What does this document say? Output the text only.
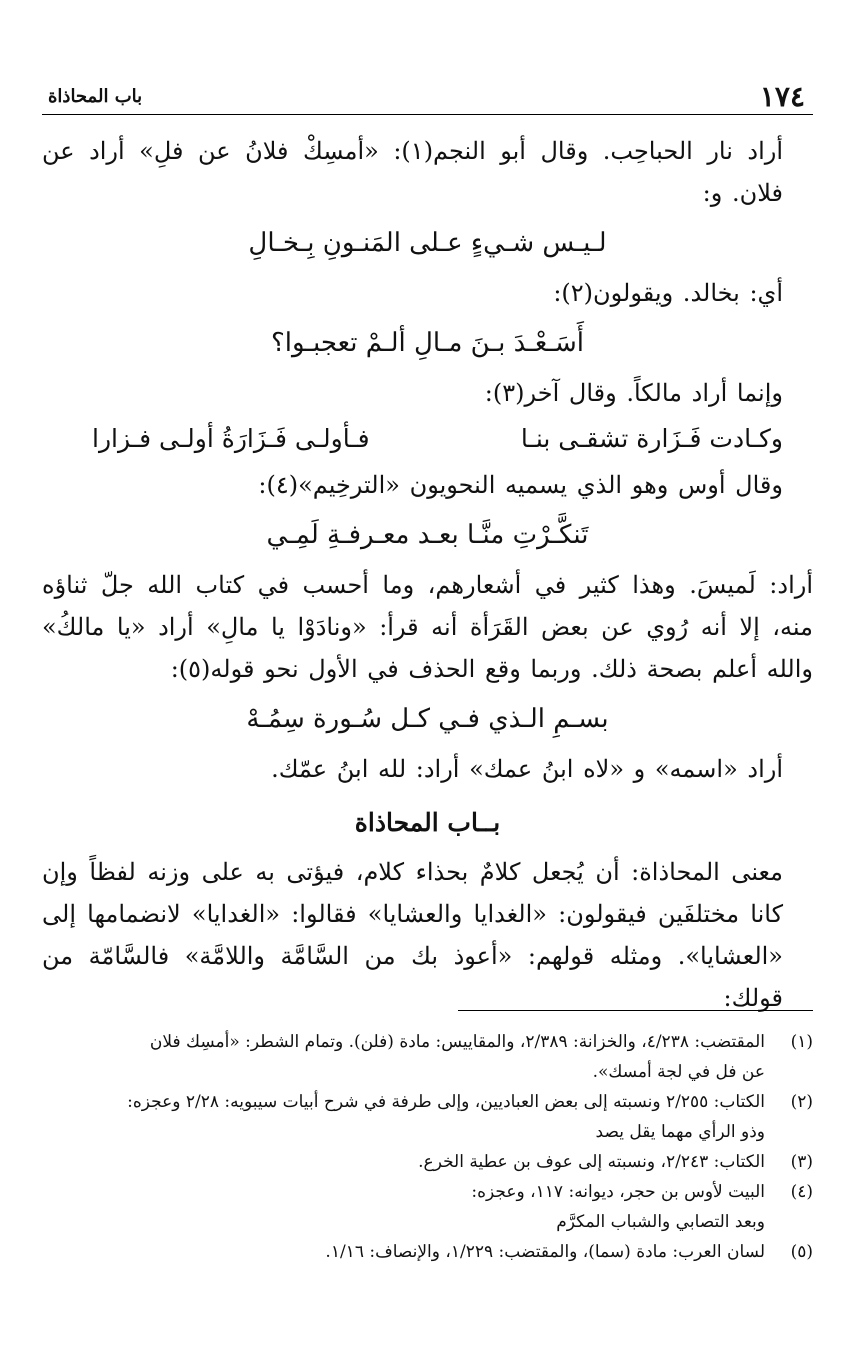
١٧٤
باب المحاذاة

أراد نار الحباحِب. وقال أبو النجم(١): «أمسِكْ فلانُ عن فلِ» أراد عن فلان. و:

لـيـس شـيءٍ عـلى المَنـونِ بِـخـالِ

أي: بخالد. ويقولون(٢):

أَسَـعْـدَ بـنَ مـالِ ألـمْ تعجبـوا؟

وإنما أراد مالكاً. وقال آخر(٣):

وكـادت فَـزَارة تشقـى بنـا
فـأولـى فَـزَارَةُ أولـى فـزارا

وقال أوس وهو الذي يسميه النحويون «الترخِيم»(٤):

تَنكَّـرْتِ منَّـا بعـد معـرفـةِ لَمِـي

أراد: لَميسَ. وهذا كثير في أشعارهم، وما أحسب في كتاب الله جلّ ثناؤه منه، إلا أنه رُوي عن بعض القَرَأة أنه قرأ: «ونادَوْا يا مالِ» أراد «يا مالكُ» والله أعلم بصحة ذلك. وربما وقع الحذف في الأول نحو قوله(٥):

بسـمِ الـذي فـي كـل سُـورة سِمُـهْ

أراد «اسمه» و «لاه ابنُ عمك» أراد: لله ابنُ عمّك.

بــاب المحاذاة

معنى المحاذاة: أن يُجعل كلامٌ بحذاء كلام، فيؤتى به على وزنه لفظاً وإن كانا مختلفَين فيقولون: «الغدايا والعشايا» فقالوا: «الغدايا» لانضمامها إلى «العشايا». ومثله قولهم: «أعوذ بك من السَّامَّة واللامَّة» فالسَّامّة من قولك:

(١)
المقتضب: ٤/٢٣٨، والخزانة: ٢/٣٨٩، والمقاييس: مادة (فلن). وتمام الشطر: «أمسِك فلان
عن فل في لجة أمسك».
(٢)
الكتاب: ٢/٢٥٥ ونسبته إلى بعض العباديين، وإلى طرفة في شرح أبيات سيبويه: ٢/٢٨ وعجزه:
وذو الرأي مهما يقل يصد
(٣)
الكتاب: ٢/٢٤٣، ونسبته إلى عوف بن عطية الخرع.
(٤)
البيت لأوس بن حجر، ديوانه: ١١٧، وعجزه:
وبعد التصابي والشباب المكرَّم
(٥)
لسان العرب: مادة (سما)، والمقتضب: ١/٢٢٩، والإنصاف: ١/١٦.
